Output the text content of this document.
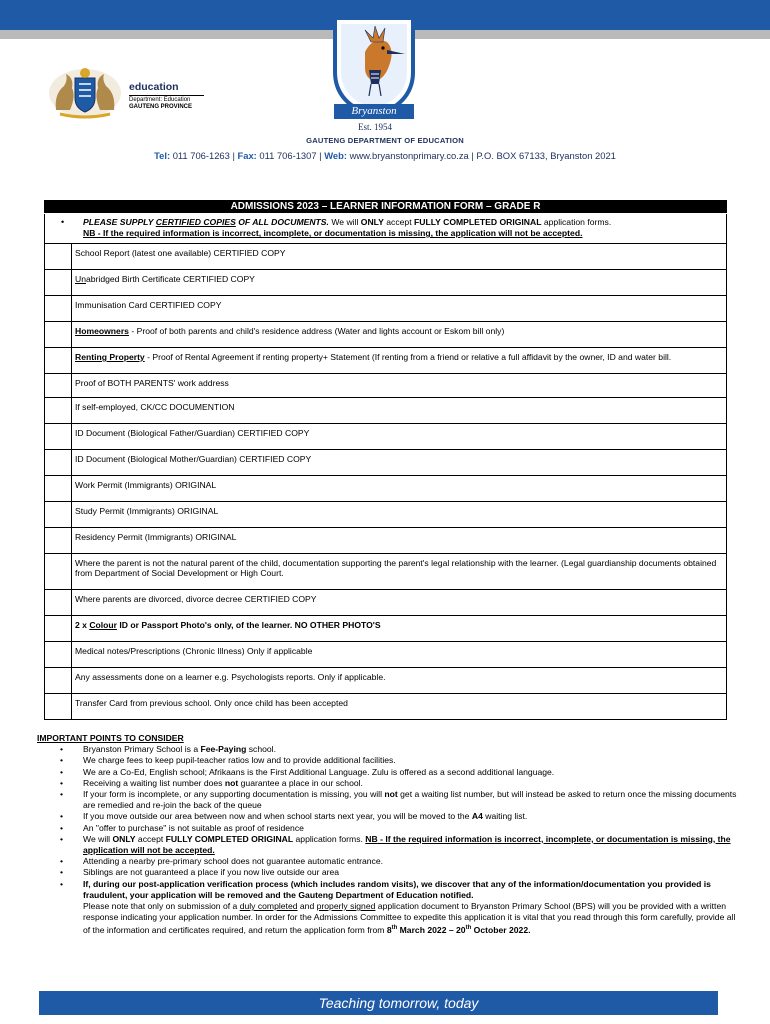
education
Department: Education
GAUTENG PROVINCE	Bryanston
Est. 1954
GAUTENG DEPARTMENT OF EDUCATION
Tel: 011 706-1263 | Fax: 011 706-1307 | Web: www.bryanstonprimary.co.za | P.O. BOX 67133, Bryanston 2021
ADMISSIONS 2023 – LEARNER INFORMATION FORM – GRADE R
• PLEASE SUPPLY CERTIFIED COPIES OF ALL DOCUMENTS. We will ONLY accept FULLY COMPLETED ORIGINAL application forms.
NB - If the required information is incorrect, incomplete, or documentation is missing, the application will not be accepted.
	School Report (latest one available) CERTIFIED COPY
	Unabridged Birth Certificate CERTIFIED COPY
	Immunisation Card CERTIFIED COPY
	Homeowners - Proof of both parents and child's residence address (Water and lights account or Eskom bill only)
	Renting Property - Proof of Rental Agreement if renting property+ Statement (If renting from a friend or relative a full affidavit by the owner, ID and water bill.
	Proof of BOTH PARENTS' work address
	If self-employed, CK/CC DOCUMENTION
	ID Document (Biological Father/Guardian) CERTIFIED COPY
	ID Document (Biological Mother/Guardian) CERTIFIED COPY
	Work Permit (Immigrants) ORIGINAL
	Study Permit (Immigrants) ORIGINAL
	Residency Permit (Immigrants) ORIGINAL
	Where the parent is not the natural parent of the child, documentation supporting the parent's legal relationship with the learner. (Legal guardianship documents obtained from Department of Social Development or High Court.
	Where parents are divorced, divorce decree CERTIFIED COPY
	2 x Colour ID or Passport Photo's only, of the learner. NO OTHER PHOTO'S
	Medical notes/Prescriptions (Chronic Illness) Only if applicable
	Any assessments done on a learner e.g. Psychologists reports. Only if applicable.
	Transfer Card from previous school. Only once child has been accepted
IMPORTANT POINTS TO CONSIDER
• Bryanston Primary School is a Fee-Paying school.
• We charge fees to keep pupil-teacher ratios low and to provide additional facilities.
• We are a Co-Ed, English school; Afrikaans is the First Additional Language. Zulu is offered as a second additional language.
• Receiving a waiting list number does not guarantee a place in our school.
• If your form is incomplete, or any supporting documentation is missing, you will not get a waiting list number, but will instead be asked to return once the missing documents are remedied and re-join the back of the queue
• If you move outside our area between now and when school starts next year, you will be moved to the A4 waiting list.
• An "offer to purchase" is not suitable as proof of residence
• We will ONLY accept FULLY COMPLETED ORIGINAL application forms. NB - If the required information is incorrect, incomplete, or documentation is missing, the application will not be accepted.
• Attending a nearby pre-primary school does not guarantee automatic entrance.
• Siblings are not guaranteed a place if you now live outside our area
• If, during our post-application verification process (which includes random visits), we discover that any of the information/documentation you provided is fraudulent, your application will be removed and the Gauteng Department of Education notified.
Please note that only on submission of a duly completed and properly signed application document to Bryanston Primary School (BPS) will you be provided with a written response indicating your application number. In order for the Admissions Committee to expedite this application it is vital that you read through this form carefully, provide all of the information and certificates required, and return the application form from 8th March 2022 – 20th October 2022.
Teaching tomorrow, today
